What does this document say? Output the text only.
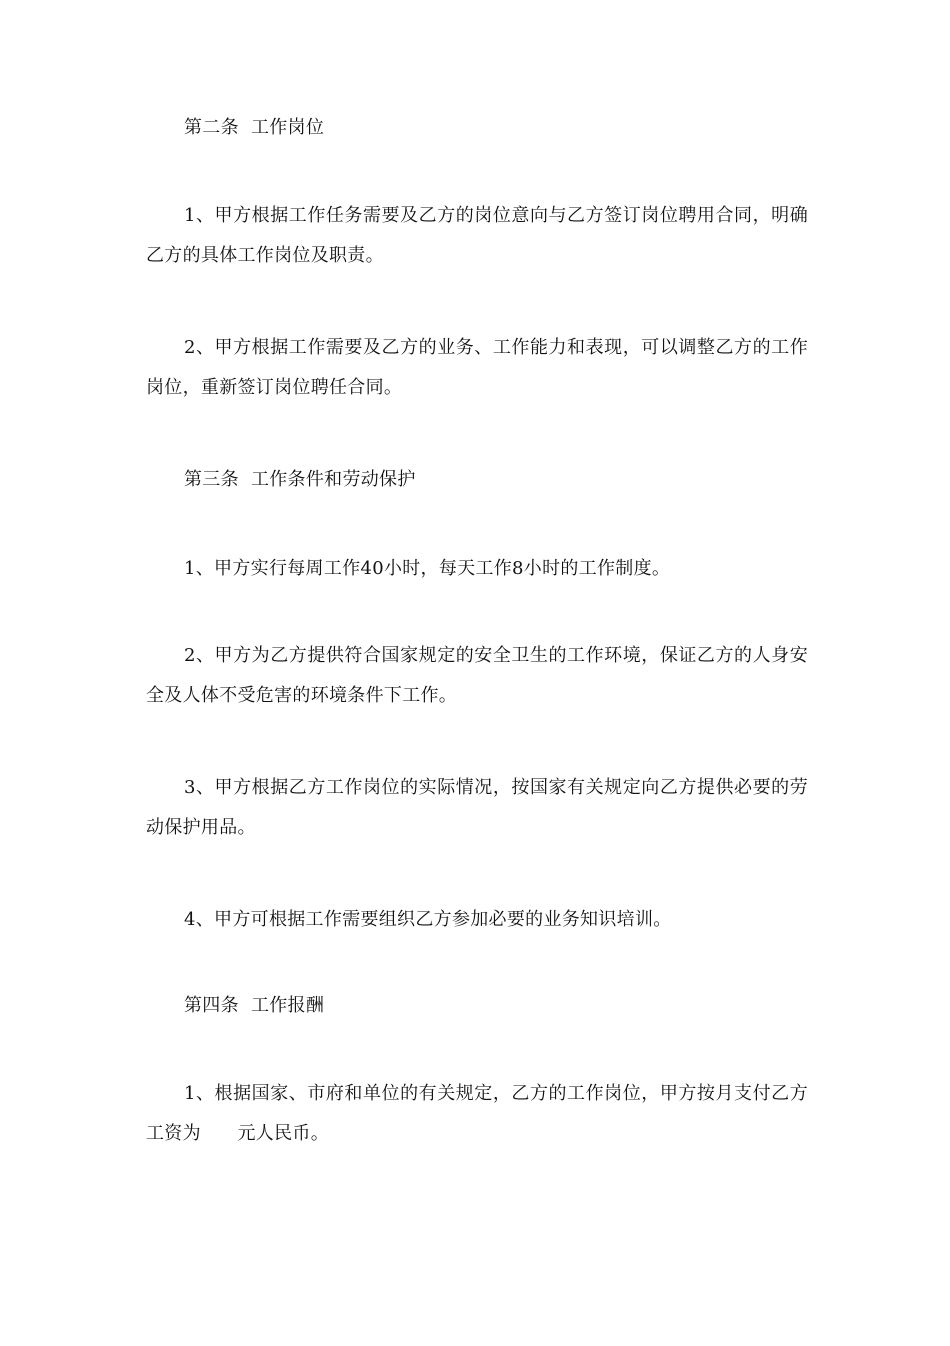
第二条  工作岗位

1、甲方根据工作任务需要及乙方的岗位意向与乙方签订岗位聘用合同，明确乙方的具体工作岗位及职责。

2、甲方根据工作需要及乙方的业务、工作能力和表现，可以调整乙方的工作岗位，重新签订岗位聘任合同。

第三条  工作条件和劳动保护

1、甲方实行每周工作40小时，每天工作8小时的工作制度。

2、甲方为乙方提供符合国家规定的安全卫生的工作环境，保证乙方的人身安全及人体不受危害的环境条件下工作。

3、甲方根据乙方工作岗位的实际情况，按国家有关规定向乙方提供必要的劳动保护用品。

4、甲方可根据工作需要组织乙方参加必要的业务知识培训。

第四条  工作报酬

1、根据国家、市府和单位的有关规定，乙方的工作岗位，甲方按月支付乙方工资为　　元人民币。
